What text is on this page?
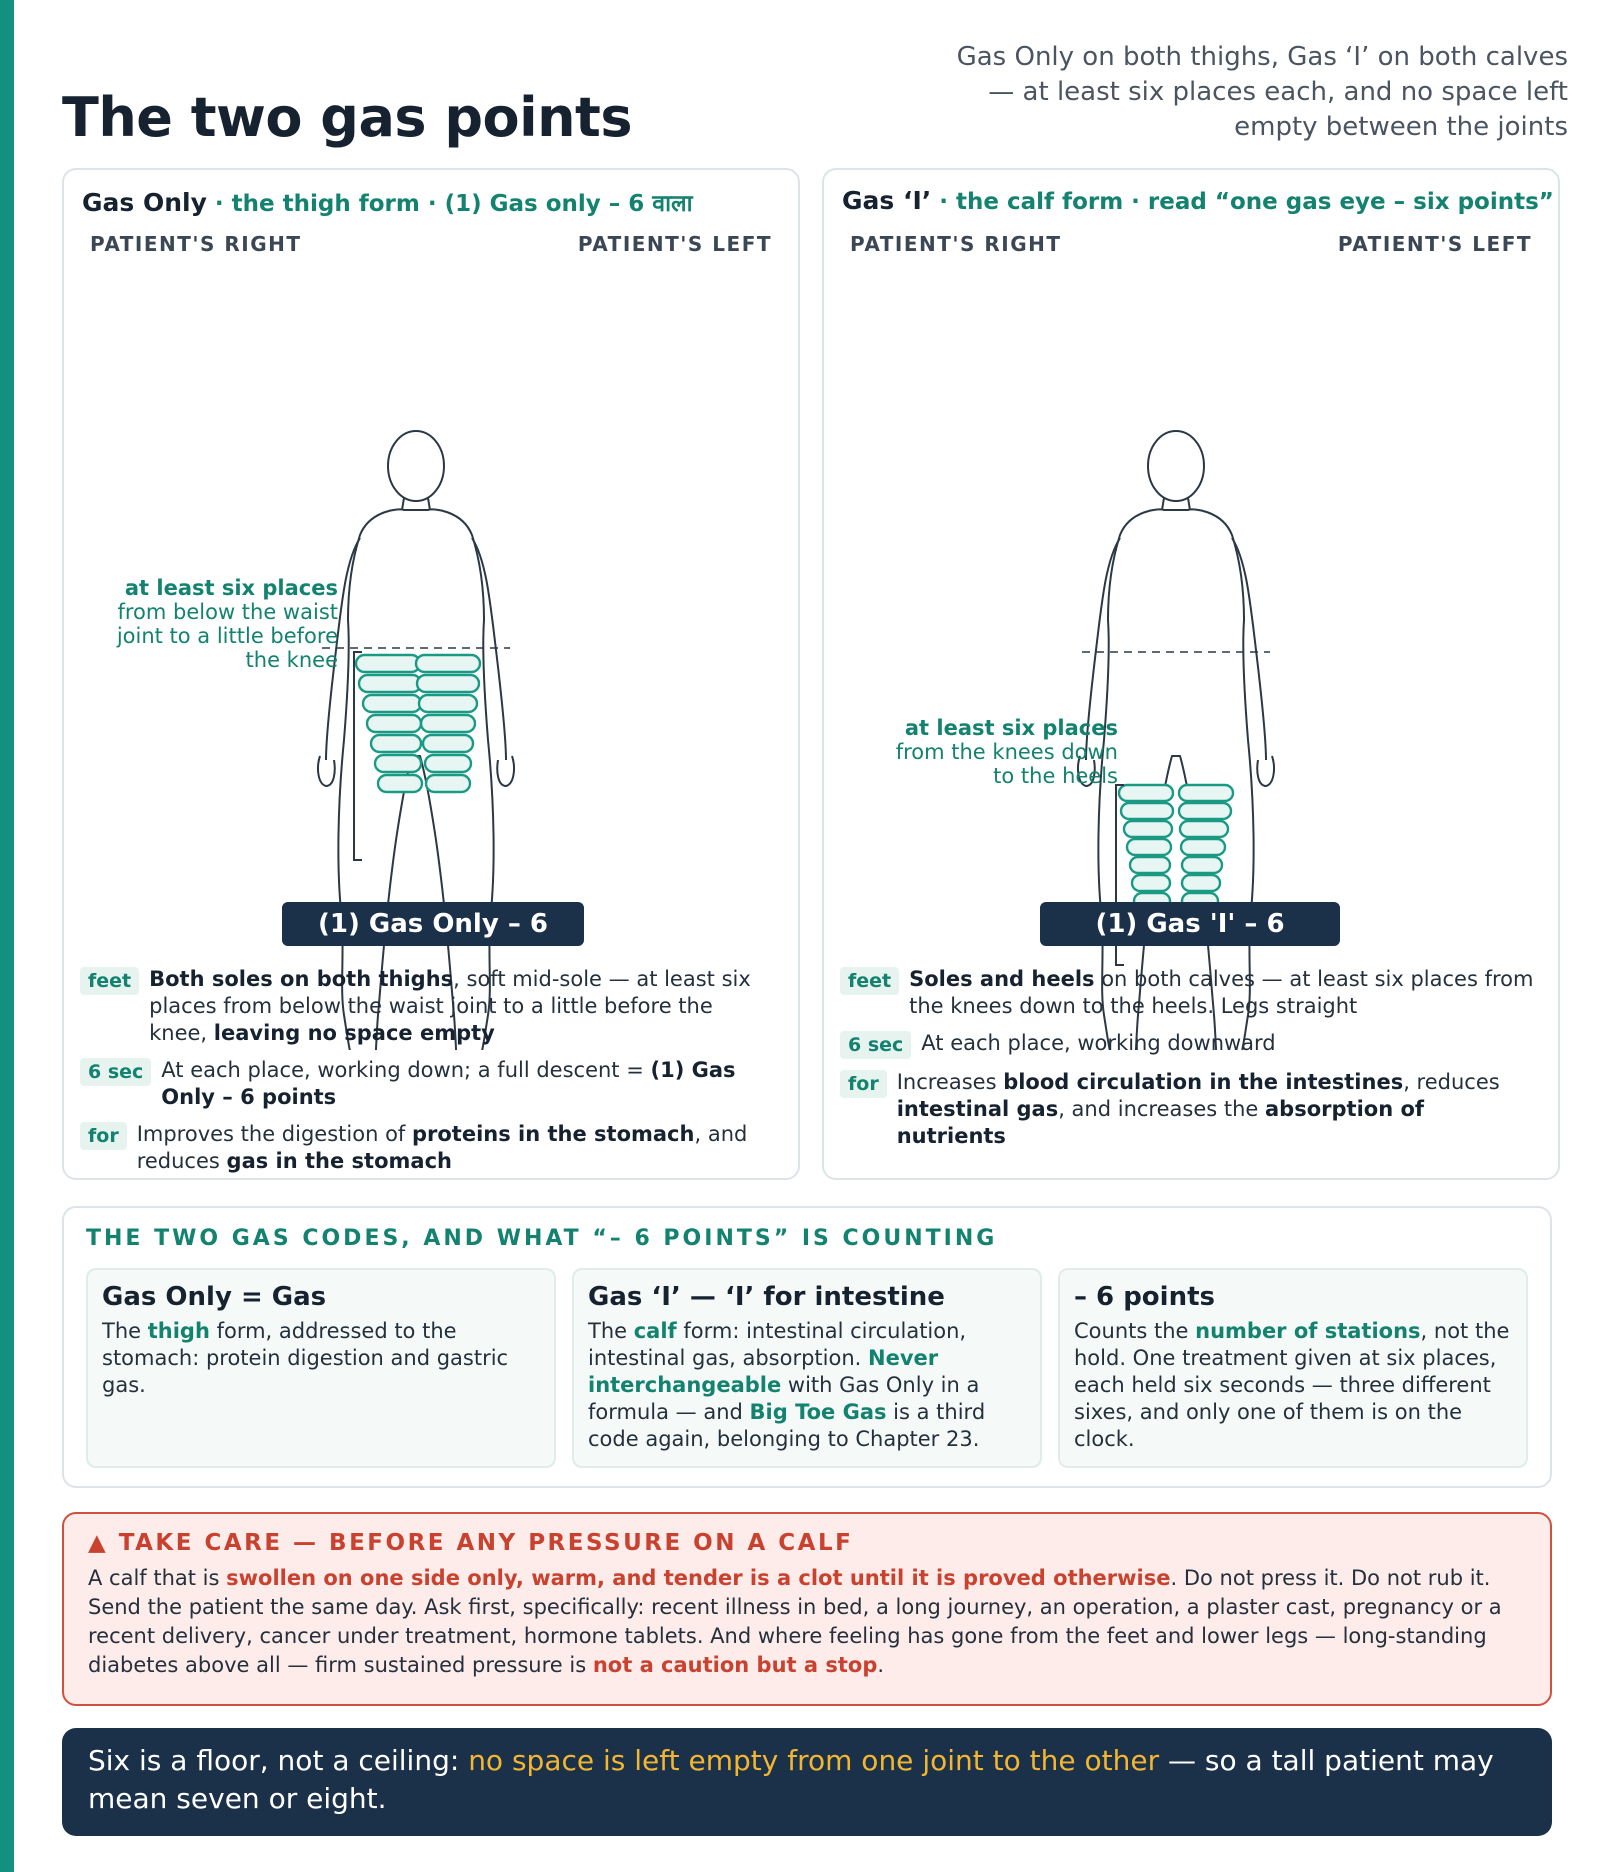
The two gas points
Gas Only on both thighs, Gas ‘I’ on both calves — at least six places each, and no space left empty between the joints
Gas Only · the thigh form · (1) Gas only – 6 वाला
PATIENT'S RIGHT	PATIENT'S LEFT
at least six places
from below the waist joint to a little before the knee
(1) Gas Only – 6
feet Both soles on both thighs, soft mid-sole — at least six places from below the waist joint to a little before the knee, leaving no space empty
6 sec At each place, working down; a full descent = (1) Gas Only – 6 points
for Improves the digestion of proteins in the stomach, and reduces gas in the stomach
Gas ‘I’ · the calf form · read “one gas eye – six points”
PATIENT'S RIGHT	PATIENT'S LEFT
at least six places
from the knees down to the heels
(1) Gas 'I' – 6
feet Soles and heels on both calves — at least six places from the knees down to the heels. Legs straight
6 sec At each place, working downward
for Increases blood circulation in the intestines, reduces intestinal gas, and increases the absorption of nutrients
THE TWO GAS CODES, AND WHAT “– 6 POINTS” IS COUNTING
Gas Only = Gas
The thigh form, addressed to the stomach: protein digestion and gastric gas.
Gas ‘I’ — ‘I’ for intestine
The calf form: intestinal circulation, intestinal gas, absorption. Never interchangeable with Gas Only in a formula — and Big Toe Gas is a third code again, belonging to Chapter 23.
– 6 points
Counts the number of stations, not the hold. One treatment given at six places, each held six seconds — three different sixes, and only one of them is on the clock.
▲ TAKE CARE — BEFORE ANY PRESSURE ON A CALF
A calf that is swollen on one side only, warm, and tender is a clot until it is proved otherwise. Do not press it. Do not rub it. Send the patient the same day. Ask first, specifically: recent illness in bed, a long journey, an operation, a plaster cast, pregnancy or a recent delivery, cancer under treatment, hormone tablets. And where feeling has gone from the feet and lower legs — long-standing diabetes above all — firm sustained pressure is not a caution but a stop.
Six is a floor, not a ceiling: no space is left empty from one joint to the other — so a tall patient may mean seven or eight.
